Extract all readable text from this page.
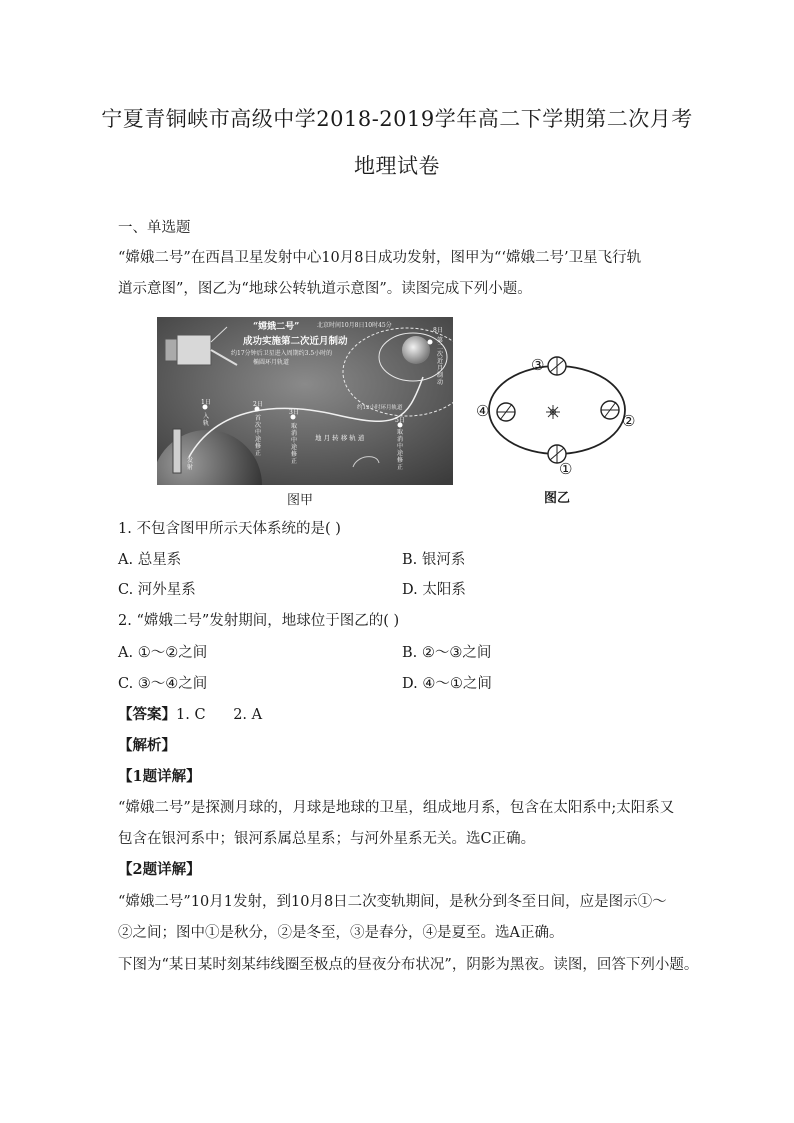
宁夏青铜峡市高级中学2018-2019学年高二下学期第二次月考
地理试卷
一、单选题
“嫦娥二号”在西昌卫星发射中心10月8日成功发射，图甲为“‘嫦娥二号’卫星飞行轨
道示意图”，图乙为“地球公转轨道示意图”。读图完成下列小题。
“嫦娥二号”	北京时间10月8日10时45分
成功实施第二次近月制动
约17分钟后卫星进入周期约3.5小时的
椭圆环月轨道
1日
入轨
2日
首次中途修正
3日
取消中途修正
5日
取消中途修正
8日
第二次近月制动
地 月 转 移 轨 道
约12小时环月轨道
发射
图甲
③
②
①
④
图乙
1. 不包含图甲所示天体系统的是( )
A. 总星系	B. 银河系
C. 河外星系	D. 太阳系
2. “嫦娥二号”发射期间，地球位于图乙的( )
A. ①～②之间	B. ②～③之间
C. ③～④之间	D. ④～①之间
【答案】1. C      2. A
【解析】
【1题详解】
“嫦娥二号”是探测月球的，月球是地球的卫星，组成地月系，包含在太阳系中;太阳系又
包含在银河系中；银河系属总星系；与河外星系无关。选C正确。
【2题详解】
“嫦娥二号”10月1发射，到10月8日二次变轨期间，是秋分到冬至日间，应是图示①～
②之间；图中①是秋分，②是冬至，③是春分，④是夏至。选A正确。
下图为“某日某时刻某纬线圈至极点的昼夜分布状况”，阴影为黑夜。读图，回答下列小题。
